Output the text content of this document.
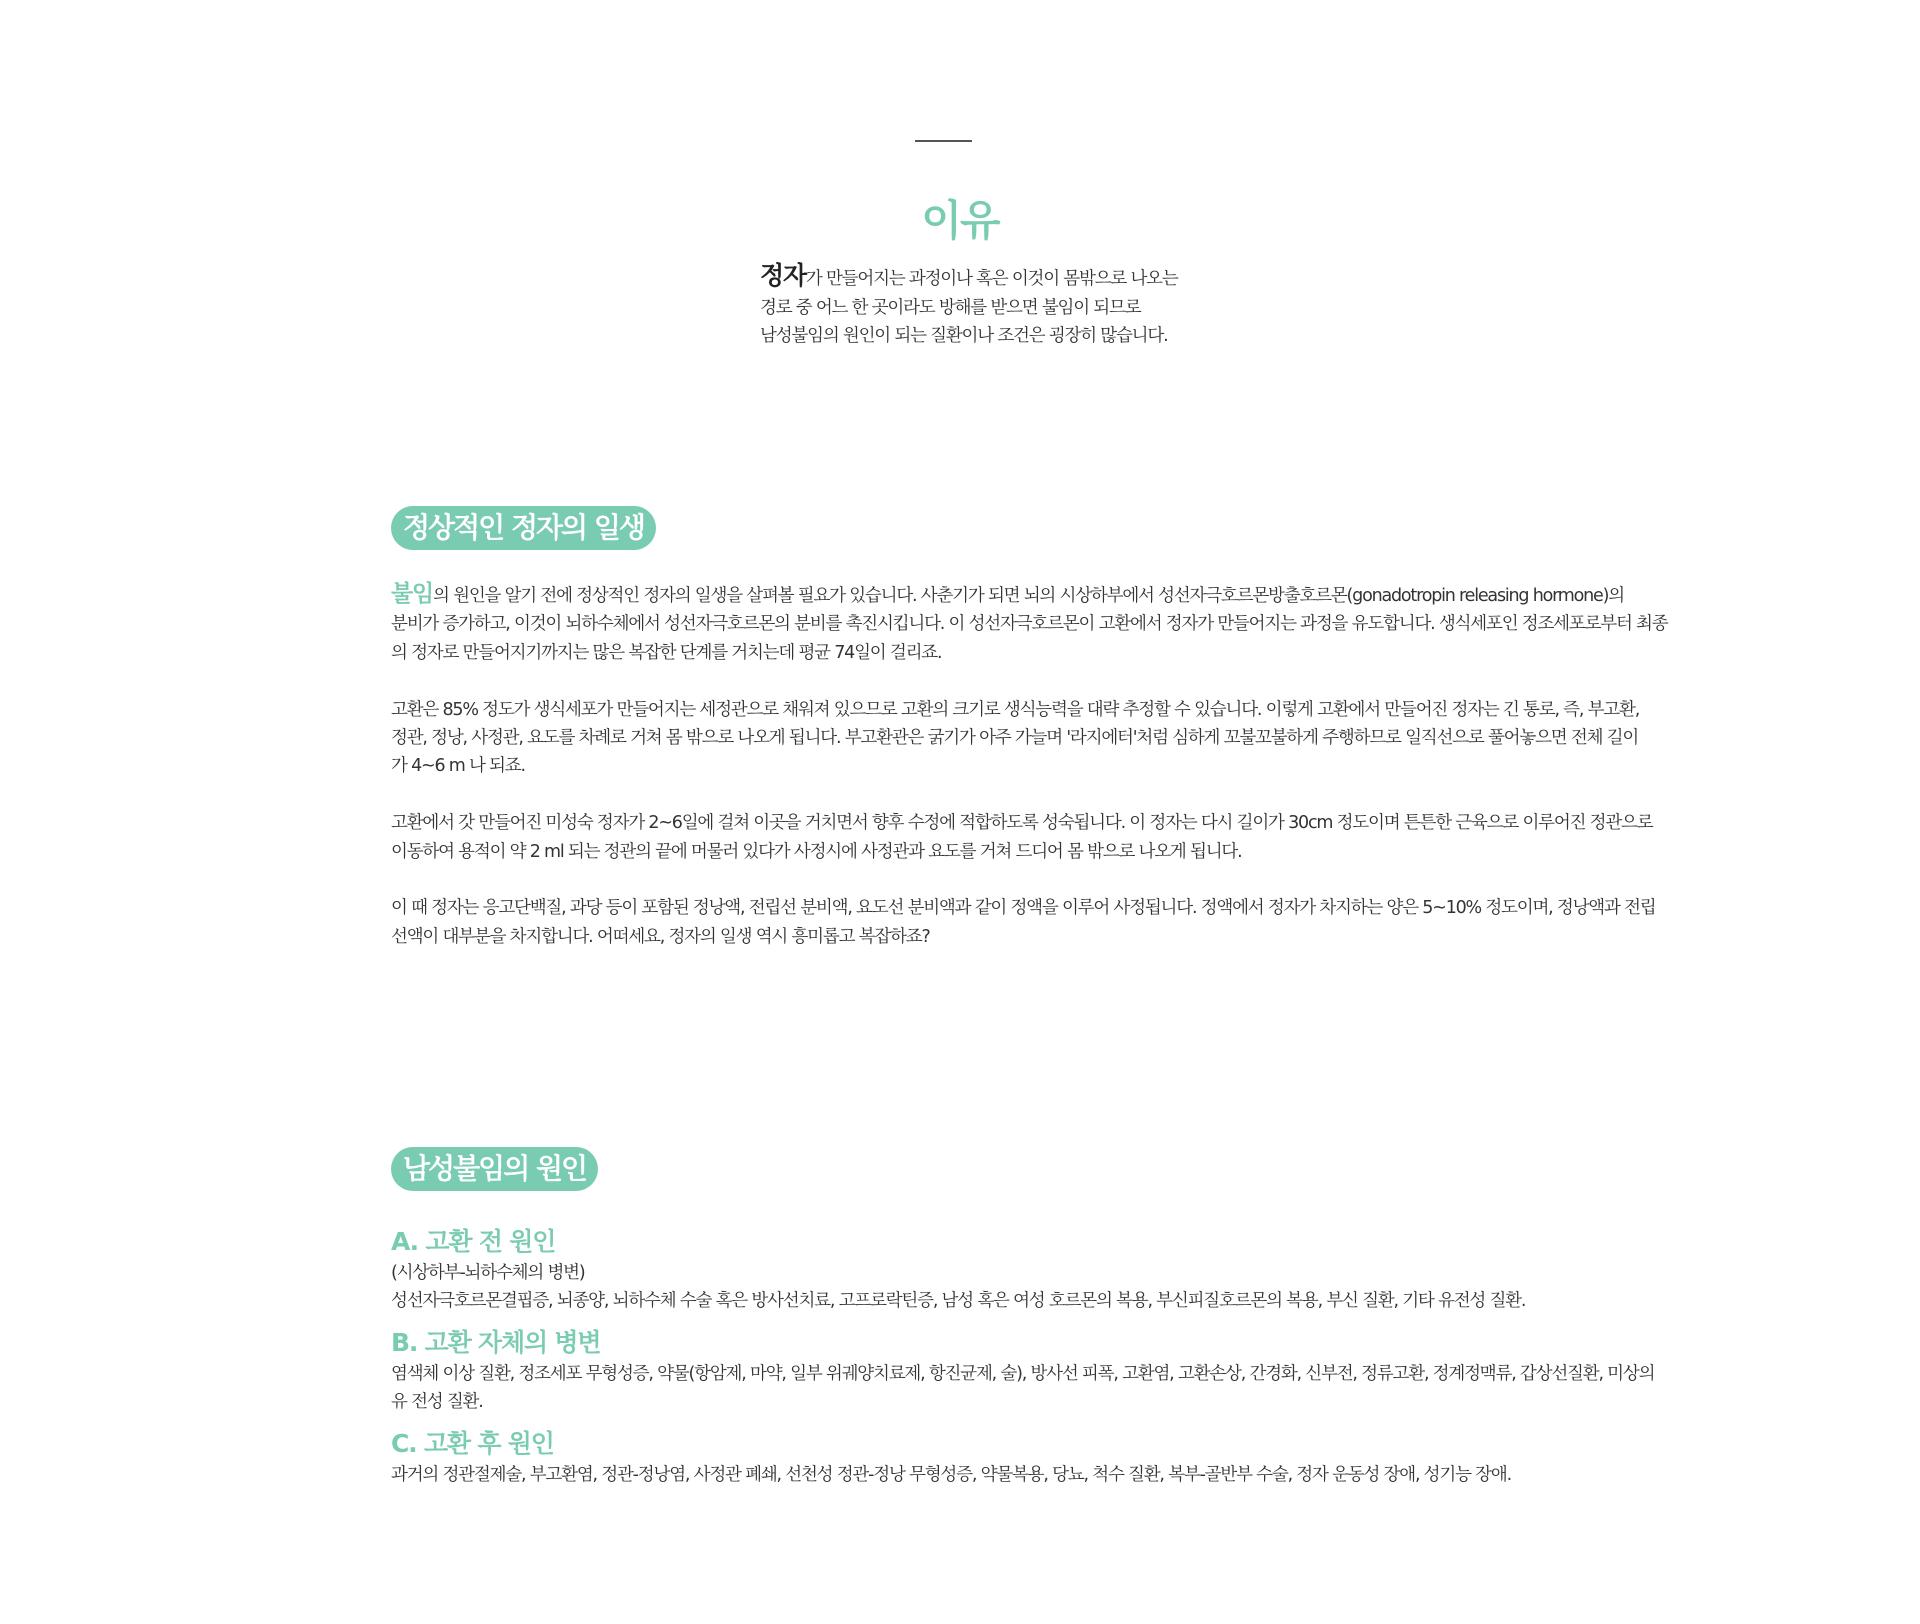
이유

정자가 만들어지는 과정이나 혹은 이것이 몸밖으로 나오는

경로 중 어느 한 곳이라도 방해를 받으면 불임이 되므로

남성불임의 원인이 되는 질환이나 조건은 굉장히 많습니다.

정상적인 정자의 일생

불임의 원인을 알기 전에 정상적인 정자의 일생을 살펴볼 필요가 있습니다. 사춘기가 되면 뇌의 시상하부에서 성선자극호르몬방출호르몬(gonadotropin releasing hormone)의
분비가 증가하고, 이것이 뇌하수체에서 성선자극호르몬의 분비를 촉진시킵니다. 이 성선자극호르몬이 고환에서 정자가 만들어지는 과정을 유도합니다. 생식세포인 정조세포로부터 최종
의 정자로 만들어지기까지는 많은 복잡한 단계를 거치는데 평균 74일이 걸리죠.

고환은 85% 정도가 생식세포가 만들어지는 세정관으로 채워져 있으므로 고환의 크기로 생식능력을 대략 추정할 수 있습니다. 이렇게 고환에서 만들어진 정자는 긴 통로, 즉, 부고환,
정관, 정낭, 사정관, 요도를 차례로 거쳐 몸 밖으로 나오게 됩니다. 부고환관은 굵기가 아주 가늘며 '라지에터'처럼 심하게 꼬불꼬불하게 주행하므로 일직선으로 풀어놓으면 전체 길이
가 4~6 m 나 되죠.

고환에서 갓 만들어진 미성숙 정자가 2~6일에 걸쳐 이곳을 거치면서 향후 수정에 적합하도록 성숙됩니다. 이 정자는 다시 길이가 30cm 정도이며 튼튼한 근육으로 이루어진 정관으로
이동하여 용적이 약 2 ml 되는 정관의 끝에 머물러 있다가 사정시에 사정관과 요도를 거쳐 드디어 몸 밖으로 나오게 됩니다.

이 때 정자는 응고단백질, 과당 등이 포함된 정낭액, 전립선 분비액, 요도선 분비액과 같이 정액을 이루어 사정됩니다. 정액에서 정자가 차지하는 양은 5~10% 정도이며, 정낭액과 전립
선액이 대부분을 차지합니다. 어떠세요, 정자의 일생 역시 흥미롭고 복잡하죠?

남성불임의 원인
A. 고환 전 원인

(시상하부-뇌하수체의 병변)
성선자극호르몬결핍증, 뇌종양, 뇌하수체 수술 혹은 방사선치료, 고프로락틴증, 남성 혹은 여성 호르몬의 복용, 부신피질호르몬의 복용, 부신 질환, 기타 유전성 질환.

B. 고환 자체의 병변

염색체 이상 질환, 정조세포 무형성증, 약물(항암제, 마약, 일부 위궤양치료제, 항진균제, 술), 방사선 피폭, 고환염, 고환손상, 간경화, 신부전, 정류고환, 정계정맥류, 갑상선질환, 미상의
유 전성 질환.

C. 고환 후 원인

과거의 정관절제술, 부고환염, 정관-정낭염, 사정관 폐쇄, 선천성 정관-정낭 무형성증, 약물복용, 당뇨, 척수 질환, 복부-골반부 수술, 정자 운동성 장애, 성기능 장애.
